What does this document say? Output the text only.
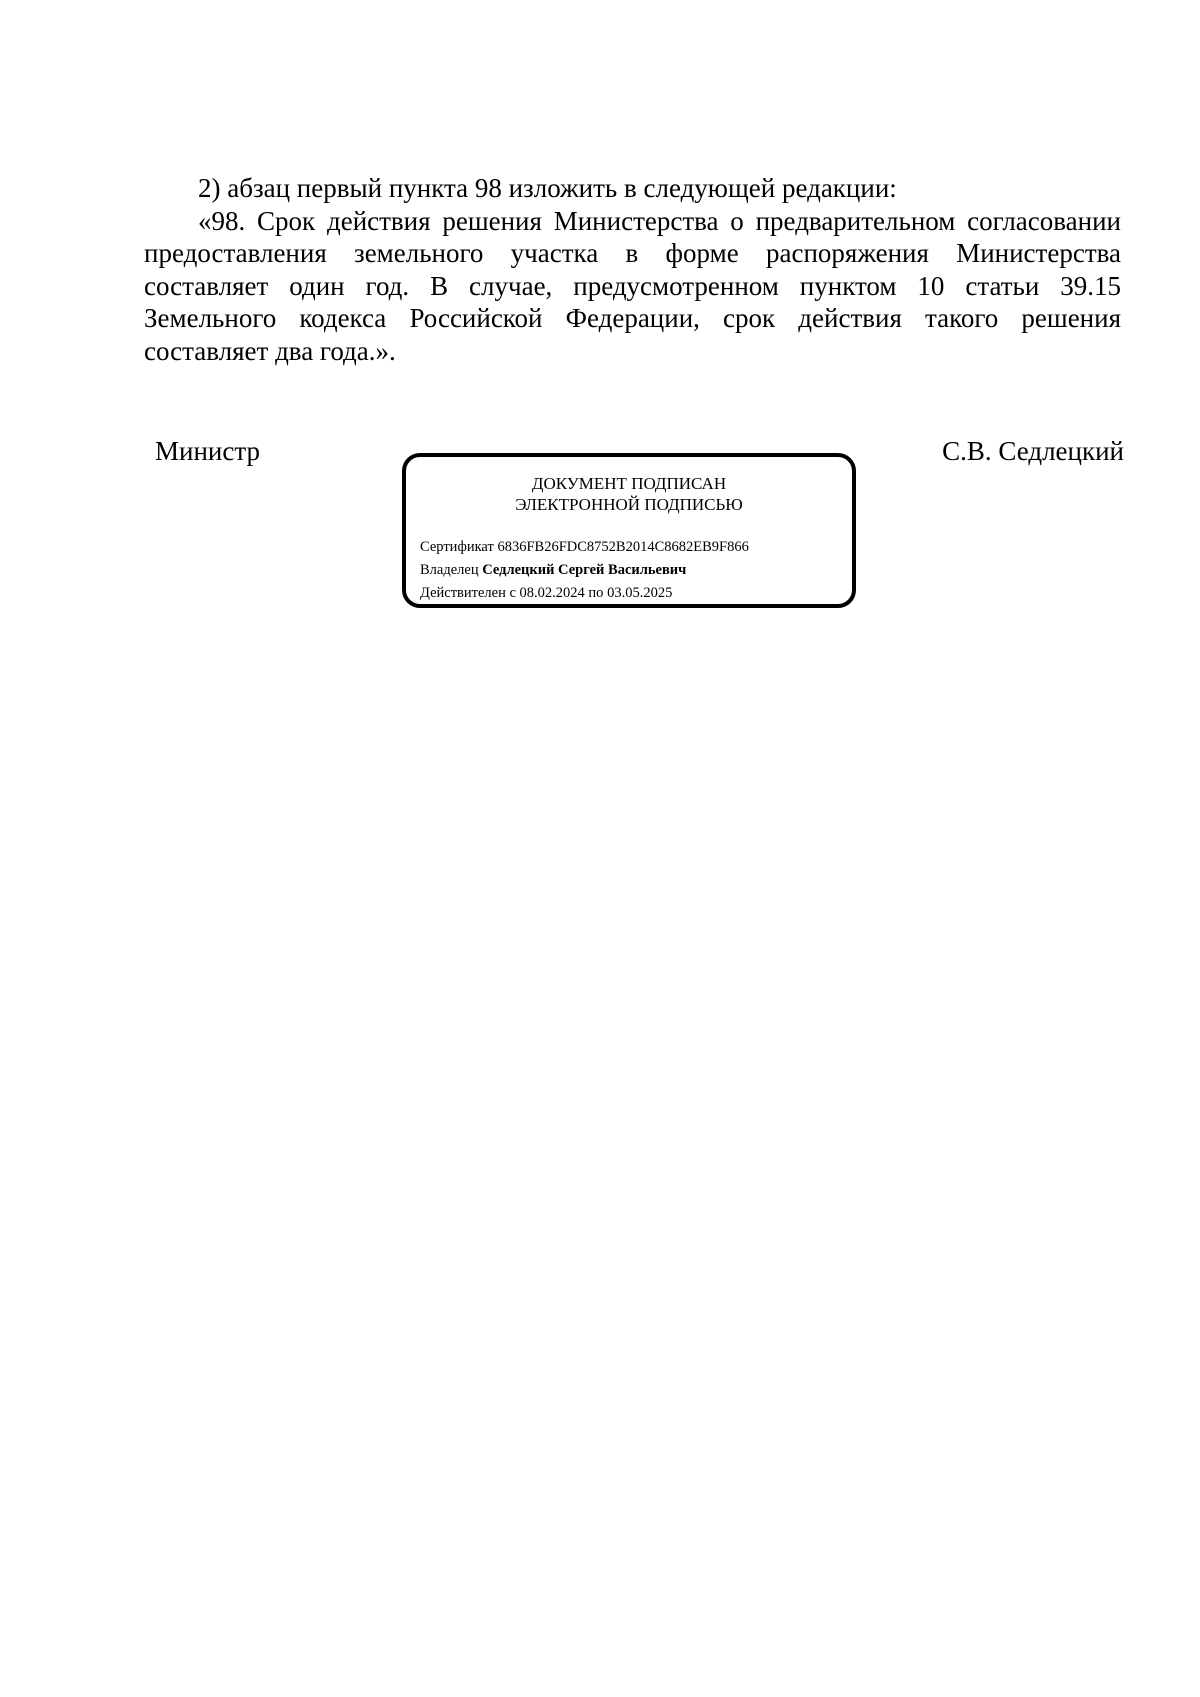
2) абзац первый пункта 98 изложить в следующей редакции:

«98. Срок действия решения Министерства о предварительном согласовании предоставления земельного участка в форме распоряжения Министерства составляет один год. В случае, предусмотренном пунктом 10 статьи 39.15 Земельного кодекса Российской Федерации, срок действия такого решения составляет два года.».

Министр	С.В. Седлецкий
ДОКУМЕНТ ПОДПИСАН
ЭЛЕКТРОННОЙ ПОДПИСЬЮ
Сертификат 6836FB26FDC8752B2014C8682EB9F866
Владелец Седлецкий Сергей Васильевич
Действителен с 08.02.2024 по 03.05.2025
